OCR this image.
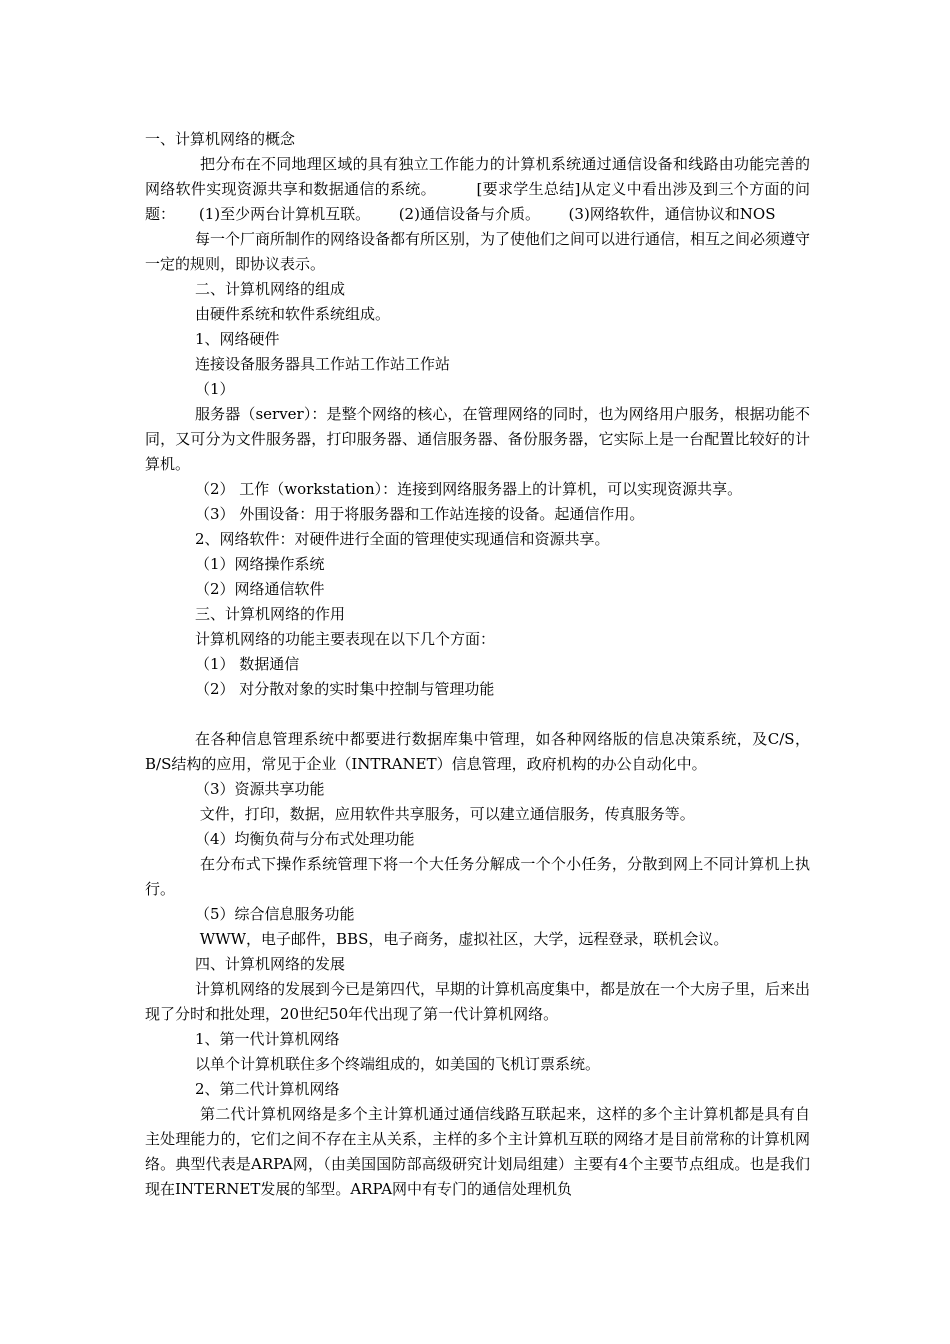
一、计算机网络的概念

把分布在不同地理区域的具有独立工作能力的计算机系统通过通信设备和线路由功能完善的网络软件实现资源共享和数据通信的系统。        [要求学生总结]从定义中看出涉及到三个方面的问题：     (1)至少两台计算机互联。      (2)通信设备与介质。      (3)网络软件，通信协议和NOS

每一个厂商所制作的网络设备都有所区别，为了使他们之间可以进行通信，相互之间必须遵守一定的规则，即协议表示。

二、计算机网络的组成

由硬件系统和软件系统组成。

1、网络硬件

连接设备服务器具工作站工作站工作站

（1）

服务器（server）：是整个网络的核心，在管理网络的同时，也为网络用户服务，根据功能不同，又可分为文件服务器，打印服务器、通信服务器、备份服务器，它实际上是一台配置比较好的计算机。

（2） 工作（workstation）：连接到网络服务器上的计算机，可以实现资源共享。

（3） 外围设备：用于将服务器和工作站连接的设备。起通信作用。

2、网络软件：对硬件进行全面的管理使实现通信和资源共享。

（1）网络操作系统

（2）网络通信软件

三、计算机网络的作用

计算机网络的功能主要表现在以下几个方面：

（1） 数据通信

（2） 对分散对象的实时集中控制与管理功能

在各种信息管理系统中都要进行数据库集中管理，如各种网络版的信息决策系统，及C/S，B/S结构的应用，常见于企业（INTRANET）信息管理，政府机构的办公自动化中。

（3）资源共享功能

文件，打印，数据，应用软件共享服务，可以建立通信服务，传真服务等。

（4）均衡负荷与分布式处理功能

在分布式下操作系统管理下将一个大任务分解成一个个小任务，分散到网上不同计算机上执行。

（5）综合信息服务功能

WWW，电子邮件，BBS，电子商务，虚拟社区，大学，远程登录，联机会议。

四、计算机网络的发展

计算机网络的发展到今已是第四代，早期的计算机高度集中，都是放在一个大房子里，后来出现了分时和批处理，20世纪50年代出现了第一代计算机网络。

1、第一代计算机网络

以单个计算机联住多个终端组成的，如美国的飞机订票系统。

2、第二代计算机网络

第二代计算机网络是多个主计算机通过通信线路互联起来，这样的多个主计算机都是具有自主处理能力的，它们之间不存在主从关系，主样的多个主计算机互联的网络才是目前常称的计算机网络。典型代表是ARPA网，（由美国国防部高级研究计划局组建）主要有4个主要节点组成。也是我们现在INTERNET发展的邹型。ARPA网中有专门的通信处理机负
